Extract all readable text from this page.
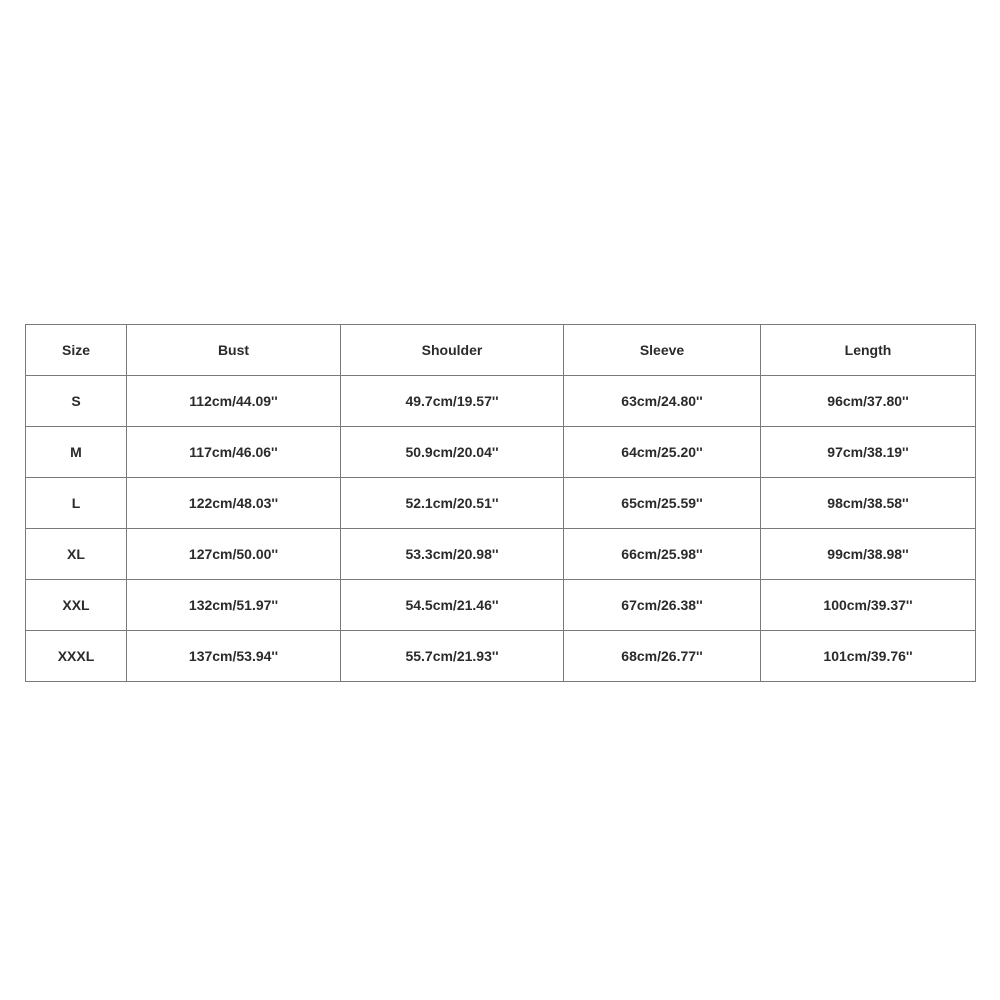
Size	Bust	Shoulder	Sleeve	Length
S	112cm/44.09''	49.7cm/19.57''	63cm/24.80''	96cm/37.80''
M	117cm/46.06''	50.9cm/20.04''	64cm/25.20''	97cm/38.19''
L	122cm/48.03''	52.1cm/20.51''	65cm/25.59''	98cm/38.58''
XL	127cm/50.00''	53.3cm/20.98''	66cm/25.98''	99cm/38.98''
XXL	132cm/51.97''	54.5cm/21.46''	67cm/26.38''	100cm/39.37''
XXXL	137cm/53.94''	55.7cm/21.93''	68cm/26.77''	101cm/39.76''
